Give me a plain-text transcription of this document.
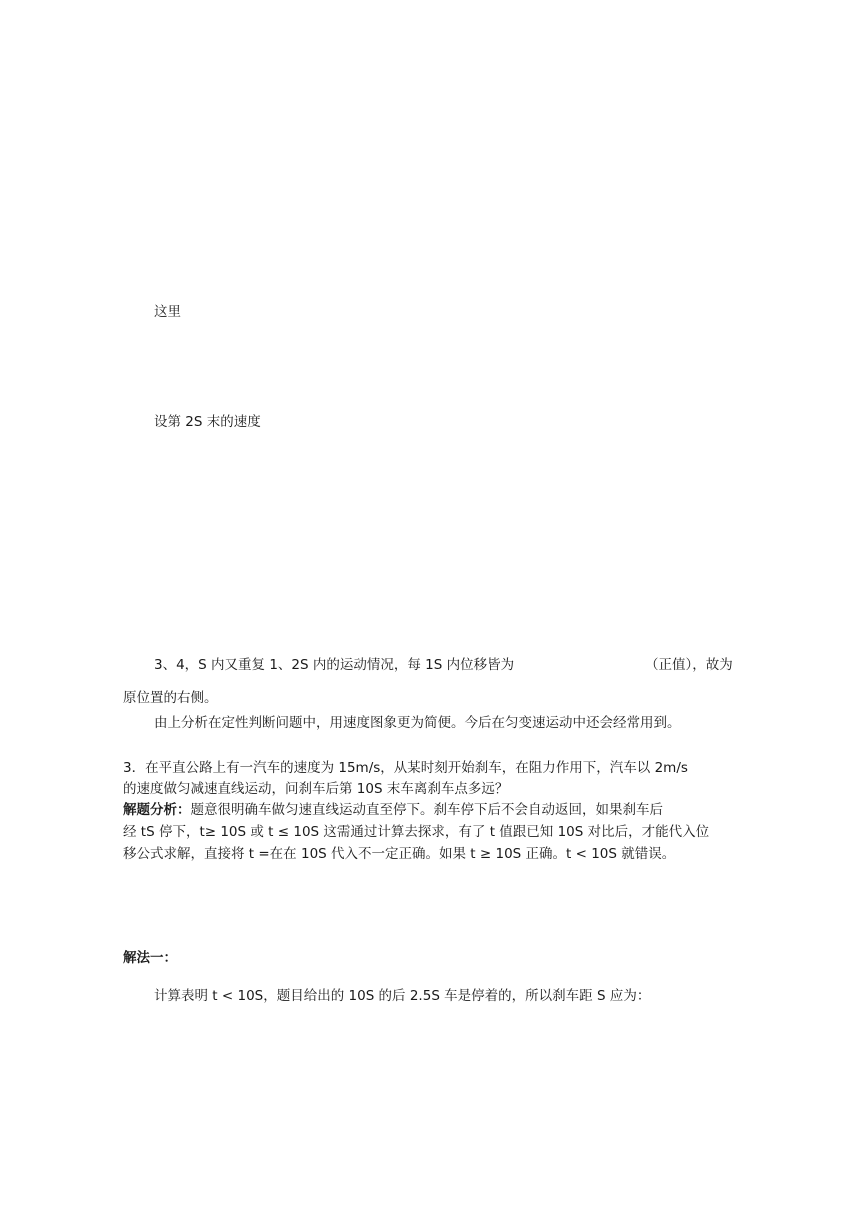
这里
设第 2S 末的速度
3、4，S 内又重复 1、2S 内的运动情况，每 1S 内位移皆为	（正值），故为
原位置的右侧。
由上分析在定性判断问题中，用速度图象更为简便。今后在匀变速运动中还会经常用到。
3．在平直公路上有一汽车的速度为 15m/s，从某时刻开始刹车，在阻力作用下，汽车以 2m/s
的速度做匀减速直线运动，问刹车后第 10S 末车离刹车点多远？
解题分析：题意很明确车做匀速直线运动直至停下。刹车停下后不会自动返回，如果刹车后
经 tS 停下，t≥ 10S 或 t ≤ 10S 这需通过计算去探求，有了 t 值跟已知 10S 对比后，才能代入位
移公式求解，直接将 t =在在 10S 代入不一定正确。如果 t ≥ 10S 正确。t < 10S 就错误。
解法一：
计算表明 t < 10S，题目给出的 10S 的后 2.5S 车是停着的，所以刹车距 S 应为：
